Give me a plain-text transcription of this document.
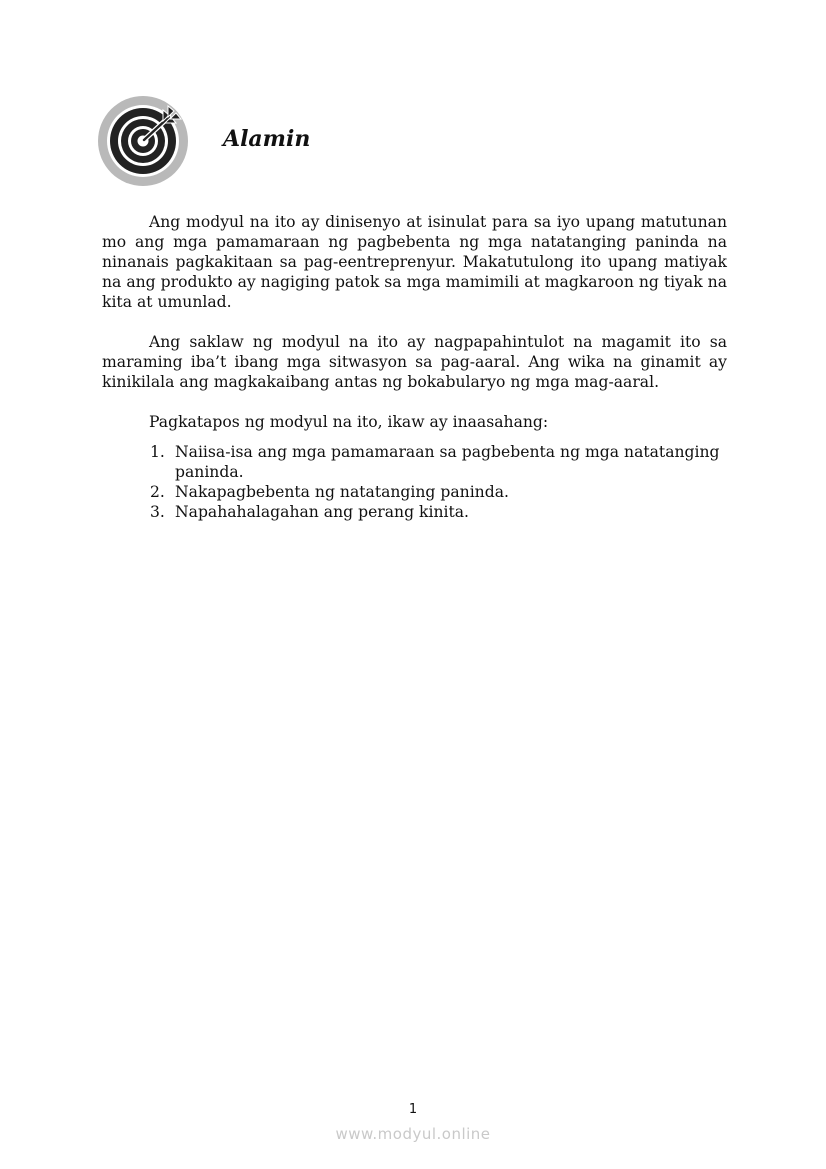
Alamin

Ang modyul na ito ay dinisenyo at isinulat para sa iyo upang matutunan mo ang mga pamamaraan ng pagbebenta ng mga natatanging paninda na ninanais pagkakitaan sa pag-eentreprenyur. Makatutulong ito upang matiyak na ang produkto ay nagiging patok sa mga mamimili at magkaroon ng tiyak na kita at umunlad.

Ang saklaw ng modyul na ito ay nagpapahintulot na magamit ito sa maraming iba’t ibang mga sitwasyon sa pag-aaral. Ang wika na ginamit ay kinikilala ang magkakaibang antas ng bokabularyo ng mga mag-aaral.

Pagkatapos ng modyul na ito, ikaw ay inaasahang:

1. Naiisa-isa ang mga pamamaraan sa pagbebenta ng mga natatanging paninda.
2. Nakapagbebenta ng natatanging paninda.
3. Napahahalagahan ang perang kinita.
1
www.modyul.online
